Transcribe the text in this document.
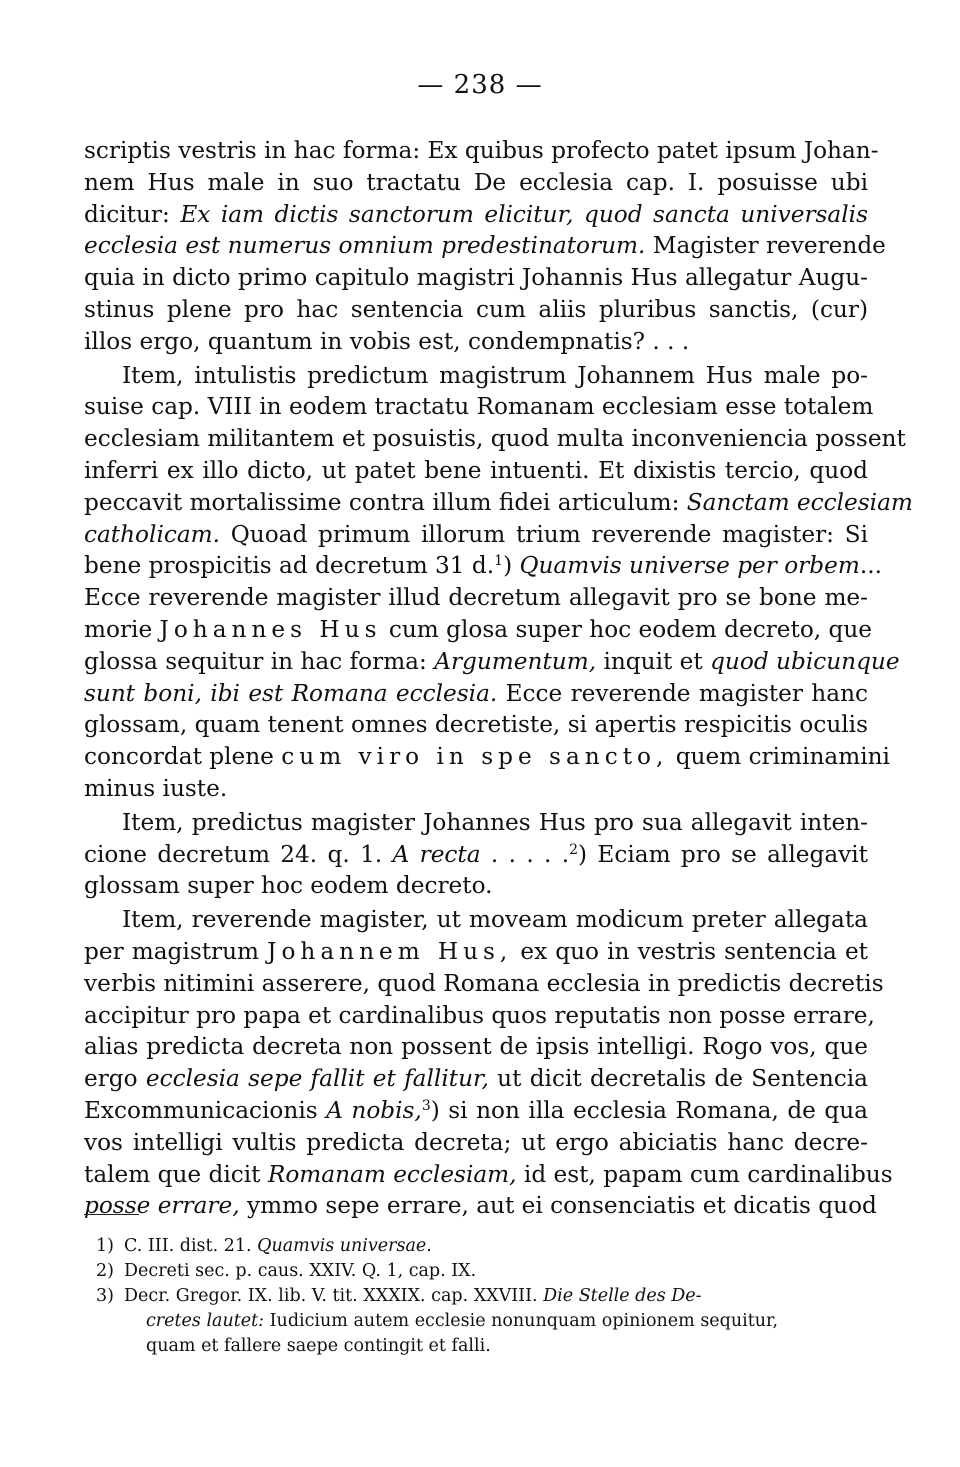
— 238 —
scriptis vestris in hac forma: Ex quibus profecto patet ipsum Johan-
nem Hus male in suo tractatu De ecclesia cap. I. posuisse ubi
dicitur: Ex iam dictis sanctorum elicitur, quod sancta universalis
ecclesia est numerus omnium predestinatorum. Magister reverende
quia in dicto primo capitulo magistri Johannis Hus allegatur Augu-
stinus plene pro hac sentencia cum aliis pluribus sanctis, (cur)
illos ergo, quantum in vobis est, condempnatis? . . .
Item, intulistis predictum magistrum Johannem Hus male po-
suise cap. VIII in eodem tractatu Romanam ecclesiam esse totalem
ecclesiam militantem et posuistis, quod multa inconveniencia possent
inferri ex illo dicto, ut patet bene intuenti. Et dixistis tercio, quod
peccavit mortalissime contra illum fidei articulum: Sanctam ecclesiam
catholicam. Quoad primum illorum trium reverende magister: Si
bene prospicitis ad decretum 31 d.$^1$) Quamvis universe per orbem...
Ecce reverende magister illud decretum allegavit pro se bone me-
morie Johannes Hus cum glosa super hoc eodem decreto, que
glossa sequitur in hac forma: Argumentum, inquit et quod ubicunque
sunt boni, ibi est Romana ecclesia. Ecce reverende magister hanc
glossam, quam tenent omnes decretiste, si apertis respicitis oculis
concordat plene cum viro in spe sancto, quem criminamini
minus iuste.
Item, predictus magister Johannes Hus pro sua allegavit inten-
cione decretum 24. q. 1. A recta . . . . .$^2$) Eciam pro se allegavit
glossam super hoc eodem decreto.
Item, reverende magister, ut moveam modicum preter allegata
per magistrum Johannem Hus, ex quo in vestris sentencia et
verbis nitimini asserere, quod Romana ecclesia in predictis decretis
accipitur pro papa et cardinalibus quos reputatis non posse errare,
alias predicta decreta non possent de ipsis intelligi. Rogo vos, que
ergo ecclesia sepe fallit et fallitur, ut dicit decretalis de Sentencia
Excommunicacionis A nobis,$^3$) si non illa ecclesia Romana, de qua
vos intelligi vultis predicta decreta; ut ergo abiciatis hanc decre-
talem que dicit Romanam ecclesiam, id est, papam cum cardinalibus
posse errare, ymmo sepe errare, aut ei consenciatis et dicatis quod
1) C. III. dist. 21. Quamvis universae.
2) Decreti sec. p. caus. XXIV. Q. 1, cap. IX.
3) Decr. Gregor. IX. lib. V. tit. XXXIX. cap. XXVIII. Die Stelle des De-
cretes lautet: Iudicium autem ecclesie nonunquam opinionem sequitur,
quam et fallere saepe contingit et falli.
